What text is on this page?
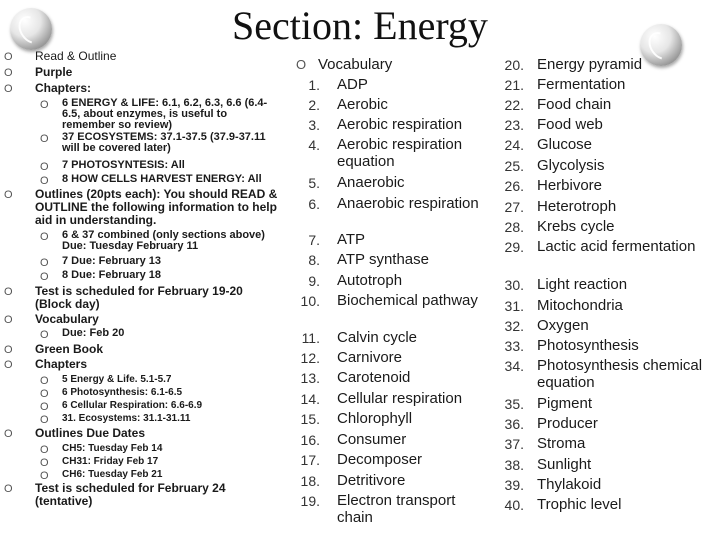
Section: Energy
O Read & Outline
O Purple
O Chapters:
O 6 ENERGY & LIFE: 6.1, 6.2, 6.3, 6.6 (6.4-6.5, about enzymes, is useful to remember so review)
O 37 ECOSYSTEMS: 37.1-37.5 (37.9-37.11 will be covered later)
O 7 PHOTOSYNTESIS: All
O 8 HOW CELLS HARVEST ENERGY: All
O Outlines (20pts each): You should READ & OUTLINE the following information to help aid in understanding.
O 6 & 37 combined (only sections above) Due: Tuesday February 11
O 7 Due: February 13
O 8 Due: February 18
O Test is scheduled for February 19-20 (Block day)
O Vocabulary
O Due: Feb 20
O Green Book
O Chapters
O 5 Energy & Life. 5.1-5.7
O 6 Photosynthesis: 6.1-6.5
O 6 Cellular Respiration: 6.6-6.9
O 31. Ecosystems: 31.1-31.11
O Outlines Due Dates
O CH5: Tuesday Feb 14
O CH31: Friday Feb 17
O CH6: Tuesday Feb 21
O Test is scheduled for February 24 (tentative)
O Vocabulary
1. ADP
2. Aerobic
3. Aerobic respiration
4. Aerobic respiration equation
5. Anaerobic
6. Anaerobic respiration
7. ATP
8. ATP synthase
9. Autotroph
10. Biochemical pathway
11. Calvin cycle
12. Carnivore
13. Carotenoid
14. Cellular respiration
15. Chlorophyll
16. Consumer
17. Decomposer
18. Detritivore
19. Electron transport chain
20. Energy pyramid
21. Fermentation
22. Food chain
23. Food web
24. Glucose
25. Glycolysis
26. Herbivore
27. Heterotroph
28. Krebs cycle
29. Lactic acid fermentation
30. Light reaction
31. Mitochondria
32. Oxygen
33. Photosynthesis
34. Photosynthesis chemical equation
35. Pigment
36. Producer
37. Stroma
38. Sunlight
39. Thylakoid
40. Trophic level
